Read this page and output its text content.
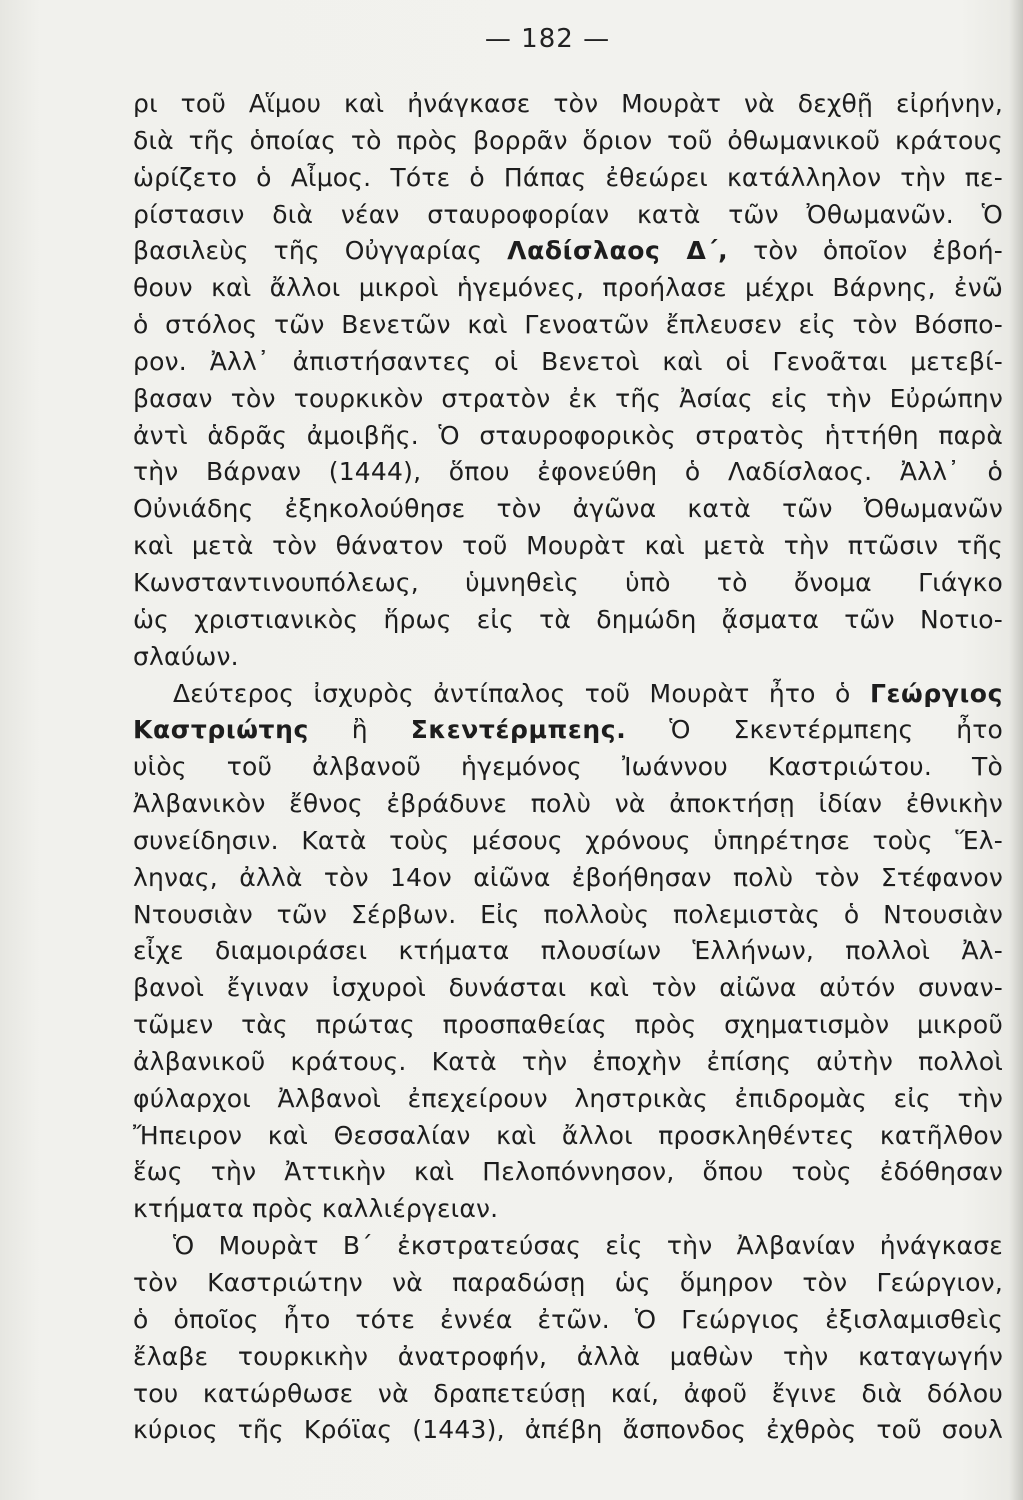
— 182 —
ρι τοῦ Αἵμου καὶ ἠνάγκασε τὸν Μουρὰτ νὰ δεχθῇ εἰρήνην,
διὰ τῆς ὁποίας τὸ πρὸς βορρᾶν ὅριον τοῦ ὀθωμανικοῦ κράτους
ὡρίζετο ὁ Αἶμος. Τότε ὁ Πάπας ἐθεώρει κατάλληλον τὴν πε-
ρίστασιν διὰ νέαν σταυροφορίαν κατὰ τῶν Ὀθωμανῶν. Ὁ
βασιλεὺς τῆς Οὐγγαρίας Λαδίσλαος Δ΄, τὸν ὁποῖον ἐβοή-
θουν καὶ ἄλλοι μικροὶ ἡγεμόνες, προήλασε μέχρι Βάρνης, ἐνῶ
ὁ στόλος τῶν Βενετῶν καὶ Γενοατῶν ἔπλευσεν εἰς τὸν Βόσπο-
ρον. Ἀλλ᾿ ἀπιστήσαντες οἱ Βενετοὶ καὶ οἱ Γενοᾶται μετεβί-
βασαν τὸν τουρκικὸν στρατὸν ἐκ τῆς Ἀσίας εἰς τὴν Εὐρώπην
ἀντὶ ἁδρᾶς ἀμοιβῆς. Ὁ σταυροφορικὸς στρατὸς ἡττήθη παρὰ
τὴν Βάρναν (1444), ὅπου ἐφονεύθη ὁ Λαδίσλαος. Ἀλλ᾿ ὁ
Οὐνιάδης ἐξηκολούθησε τὸν ἀγῶνα κατὰ τῶν Ὀθωμανῶν
καὶ μετὰ τὸν θάνατον τοῦ Μουρὰτ καὶ μετὰ τὴν πτῶσιν τῆς
Κωνσταντινουπόλεως, ὑμνηθεὶς ὑπὸ τὸ ὄνομα Γιάγκο
ὡς χριστιανικὸς ἥρως εἰς τὰ δημώδη ᾄσματα τῶν Νοτιο-
σλαύων.
Δεύτερος ἰσχυρὸς ἀντίπαλος τοῦ Μουρὰτ ἦτο ὁ Γεώργιος
Καστριώτης ἢ Σκεντέρμπεης. Ὁ Σκεντέρμπεης ἦτο
υἱὸς τοῦ ἀλβανοῦ ἡγεμόνος Ἰωάννου Καστριώτου. Τὸ
Ἀλβανικὸν ἔθνος ἐβράδυνε πολὺ νὰ ἀποκτήσῃ ἰδίαν ἐθνικὴν
συνείδησιν. Κατὰ τοὺς μέσους χρόνους ὑπηρέτησε τοὺς Ἕλ-
ληνας, ἀλλὰ τὸν 14ον αἰῶνα ἐβοήθησαν πολὺ τὸν Στέφανον
Ντουσιὰν τῶν Σέρβων. Εἰς πολλοὺς πολεμιστὰς ὁ Ντουσιὰν
εἶχε διαμοιράσει κτήματα πλουσίων Ἑλλήνων, πολλοὶ Ἀλ-
βανοὶ ἔγιναν ἰσχυροὶ δυνάσται καὶ τὸν αἰῶνα αὐτόν συναν-
τῶμεν τὰς πρώτας προσπαθείας πρὸς σχηματισμὸν μικροῦ
ἀλβανικοῦ κράτους. Κατὰ τὴν ἐποχὴν ἐπίσης αὐτὴν πολλοὶ
φύλαρχοι Ἀλβανοὶ ἐπεχείρουν ληστρικὰς ἐπιδρομὰς εἰς τὴν
Ἤπειρον καὶ Θεσσαλίαν καὶ ἄλλοι προσκληθέντες κατῆλθον
ἕως τὴν Ἀττικὴν καὶ Πελοπόννησον, ὅπου τοὺς ἐδόθησαν
κτήματα πρὸς καλλιέργειαν.
Ὁ Μουρὰτ Β΄ ἐκστρατεύσας εἰς τὴν Ἀλβανίαν ἠνάγκασε
τὸν Καστριώτην νὰ παραδώσῃ ὡς ὅμηρον τὸν Γεώργιον,
ὁ ὁποῖος ἦτο τότε ἐννέα ἐτῶν. Ὁ Γεώργιος ἐξισλαμισθεὶς
ἔλαβε τουρκικὴν ἀνατροφήν, ἀλλὰ μαθὼν τὴν καταγωγήν
του κατώρθωσε νὰ δραπετεύσῃ καί, ἀφοῦ ἔγινε διὰ δόλου
κύριος τῆς Κρόϊας (1443), ἀπέβη ἄσπονδος ἐχθρὸς τοῦ σουλ
